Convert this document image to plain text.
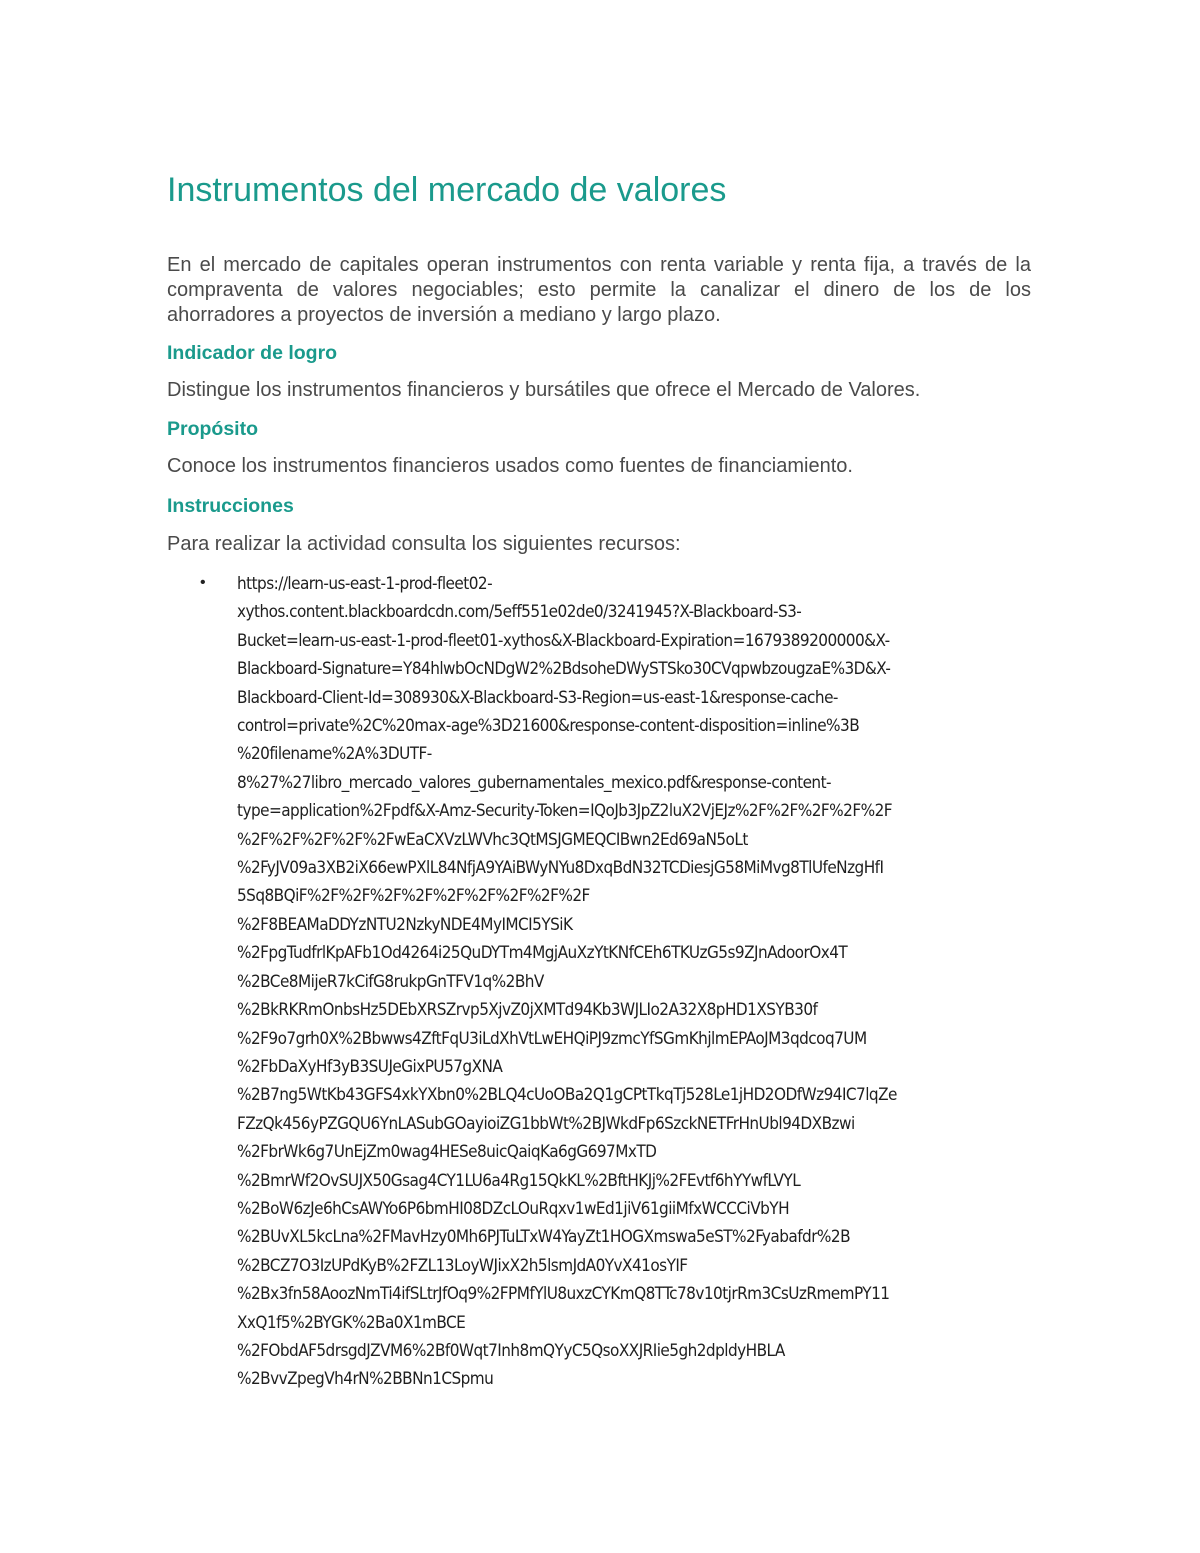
Instrumentos del mercado de valores

En el mercado de capitales operan instrumentos con renta variable y renta fija, a través de la compraventa de valores negociables; esto permite la canalizar el dinero de los de los ahorradores a proyectos de inversión a mediano y largo plazo.

Indicador de logro

Distingue los instrumentos financieros y bursátiles que ofrece el Mercado de Valores.

Propósito

Conoce los instrumentos financieros usados como fuentes de financiamiento.

Instrucciones

Para realizar la actividad consulta los siguientes recursos:

• https://learn-us-east-1-prod-fleet02-
xythos.content.blackboardcdn.com/5eff551e02de0/3241945?X-Blackboard-S3-
Bucket=learn-us-east-1-prod-fleet01-xythos&X-Blackboard-Expiration=1679389200000&X-
Blackboard-Signature=Y84hlwbOcNDgW2%2BdsoheDWySTSko30CVqpwbzougzaE%3D&X-
Blackboard-Client-Id=308930&X-Blackboard-S3-Region=us-east-1&response-cache-
control=private%2C%20max-age%3D21600&response-content-disposition=inline%3B
%20filename%2A%3DUTF-
8%27%27libro_mercado_valores_gubernamentales_mexico.pdf&response-content-
type=application%2Fpdf&X-Amz-Security-Token=IQoJb3JpZ2luX2VjEJz%2F%2F%2F%2F%2F
%2F%2F%2F%2F%2FwEaCXVzLWVhc3QtMSJGMEQCIBwn2Ed69aN5oLt
%2FyJV09a3XB2iX66ewPXlL84NfjA9YAiBWyNYu8DxqBdN32TCDiesjG58MiMvg8TlUfeNzgHfI
5Sq8BQiF%2F%2F%2F%2F%2F%2F%2F%2F%2F
%2F8BEAMaDDYzNTU2NzkyNDE4MyIMCI5YSiK
%2FpgTudfrlKpAFb1Od4264i25QuDYTm4MgjAuXzYtKNfCEh6TKUzG5s9ZJnAdoorOx4T
%2BCe8MijeR7kCifG8rukpGnTFV1q%2BhV
%2BkRKRmOnbsHz5DEbXRSZrvp5XjvZ0jXMTd94Kb3WJLIo2A32X8pHD1XSYB30f
%2F9o7grh0X%2Bbwws4ZftFqU3iLdXhVtLwEHQiPJ9zmcYfSGmKhjlmEPAoJM3qdcoq7UM
%2FbDaXyHf3yB3SUJeGixPU57gXNA
%2B7ng5WtKb43GFS4xkYXbn0%2BLQ4cUoOBa2Q1gCPtTkqTj528Le1jHD2ODfWz94IC7lqZe
FZzQk456yPZGQU6YnLASubGOayioiZG1bbWt%2BJWkdFp6SzckNETFrHnUbl94DXBzwi
%2FbrWk6g7UnEjZm0wag4HESe8uicQaiqKa6gG697MxTD
%2BmrWf2OvSUJX50Gsag4CY1LU6a4Rg15QkKL%2BftHKJj%2FEvtf6hYYwfLVYL
%2BoW6zJe6hCsAWYo6P6bmHI08DZcLOuRqxv1wEd1jiV61giiMfxWCCCiVbYH
%2BUvXL5kcLna%2FMavHzy0Mh6PJTuLTxW4YayZt1HOGXmswa5eST%2Fyabafdr%2B
%2BCZ7O3IzUPdKyB%2FZL13LoyWJixX2h5lsmJdA0YvX41osYIF
%2Bx3fn58AoozNmTi4ifSLtrJfOq9%2FPMfYlU8uxzCYKmQ8TTc78v10tjrRm3CsUzRmemPY11
XxQ1f5%2BYGK%2Ba0X1mBCE
%2FObdAF5drsgdJZVM6%2Bf0Wqt7Inh8mQYyC5QsoXXJRIie5gh2dpldyHBLA
%2BvvZpegVh4rN%2BBNn1CSpmu
